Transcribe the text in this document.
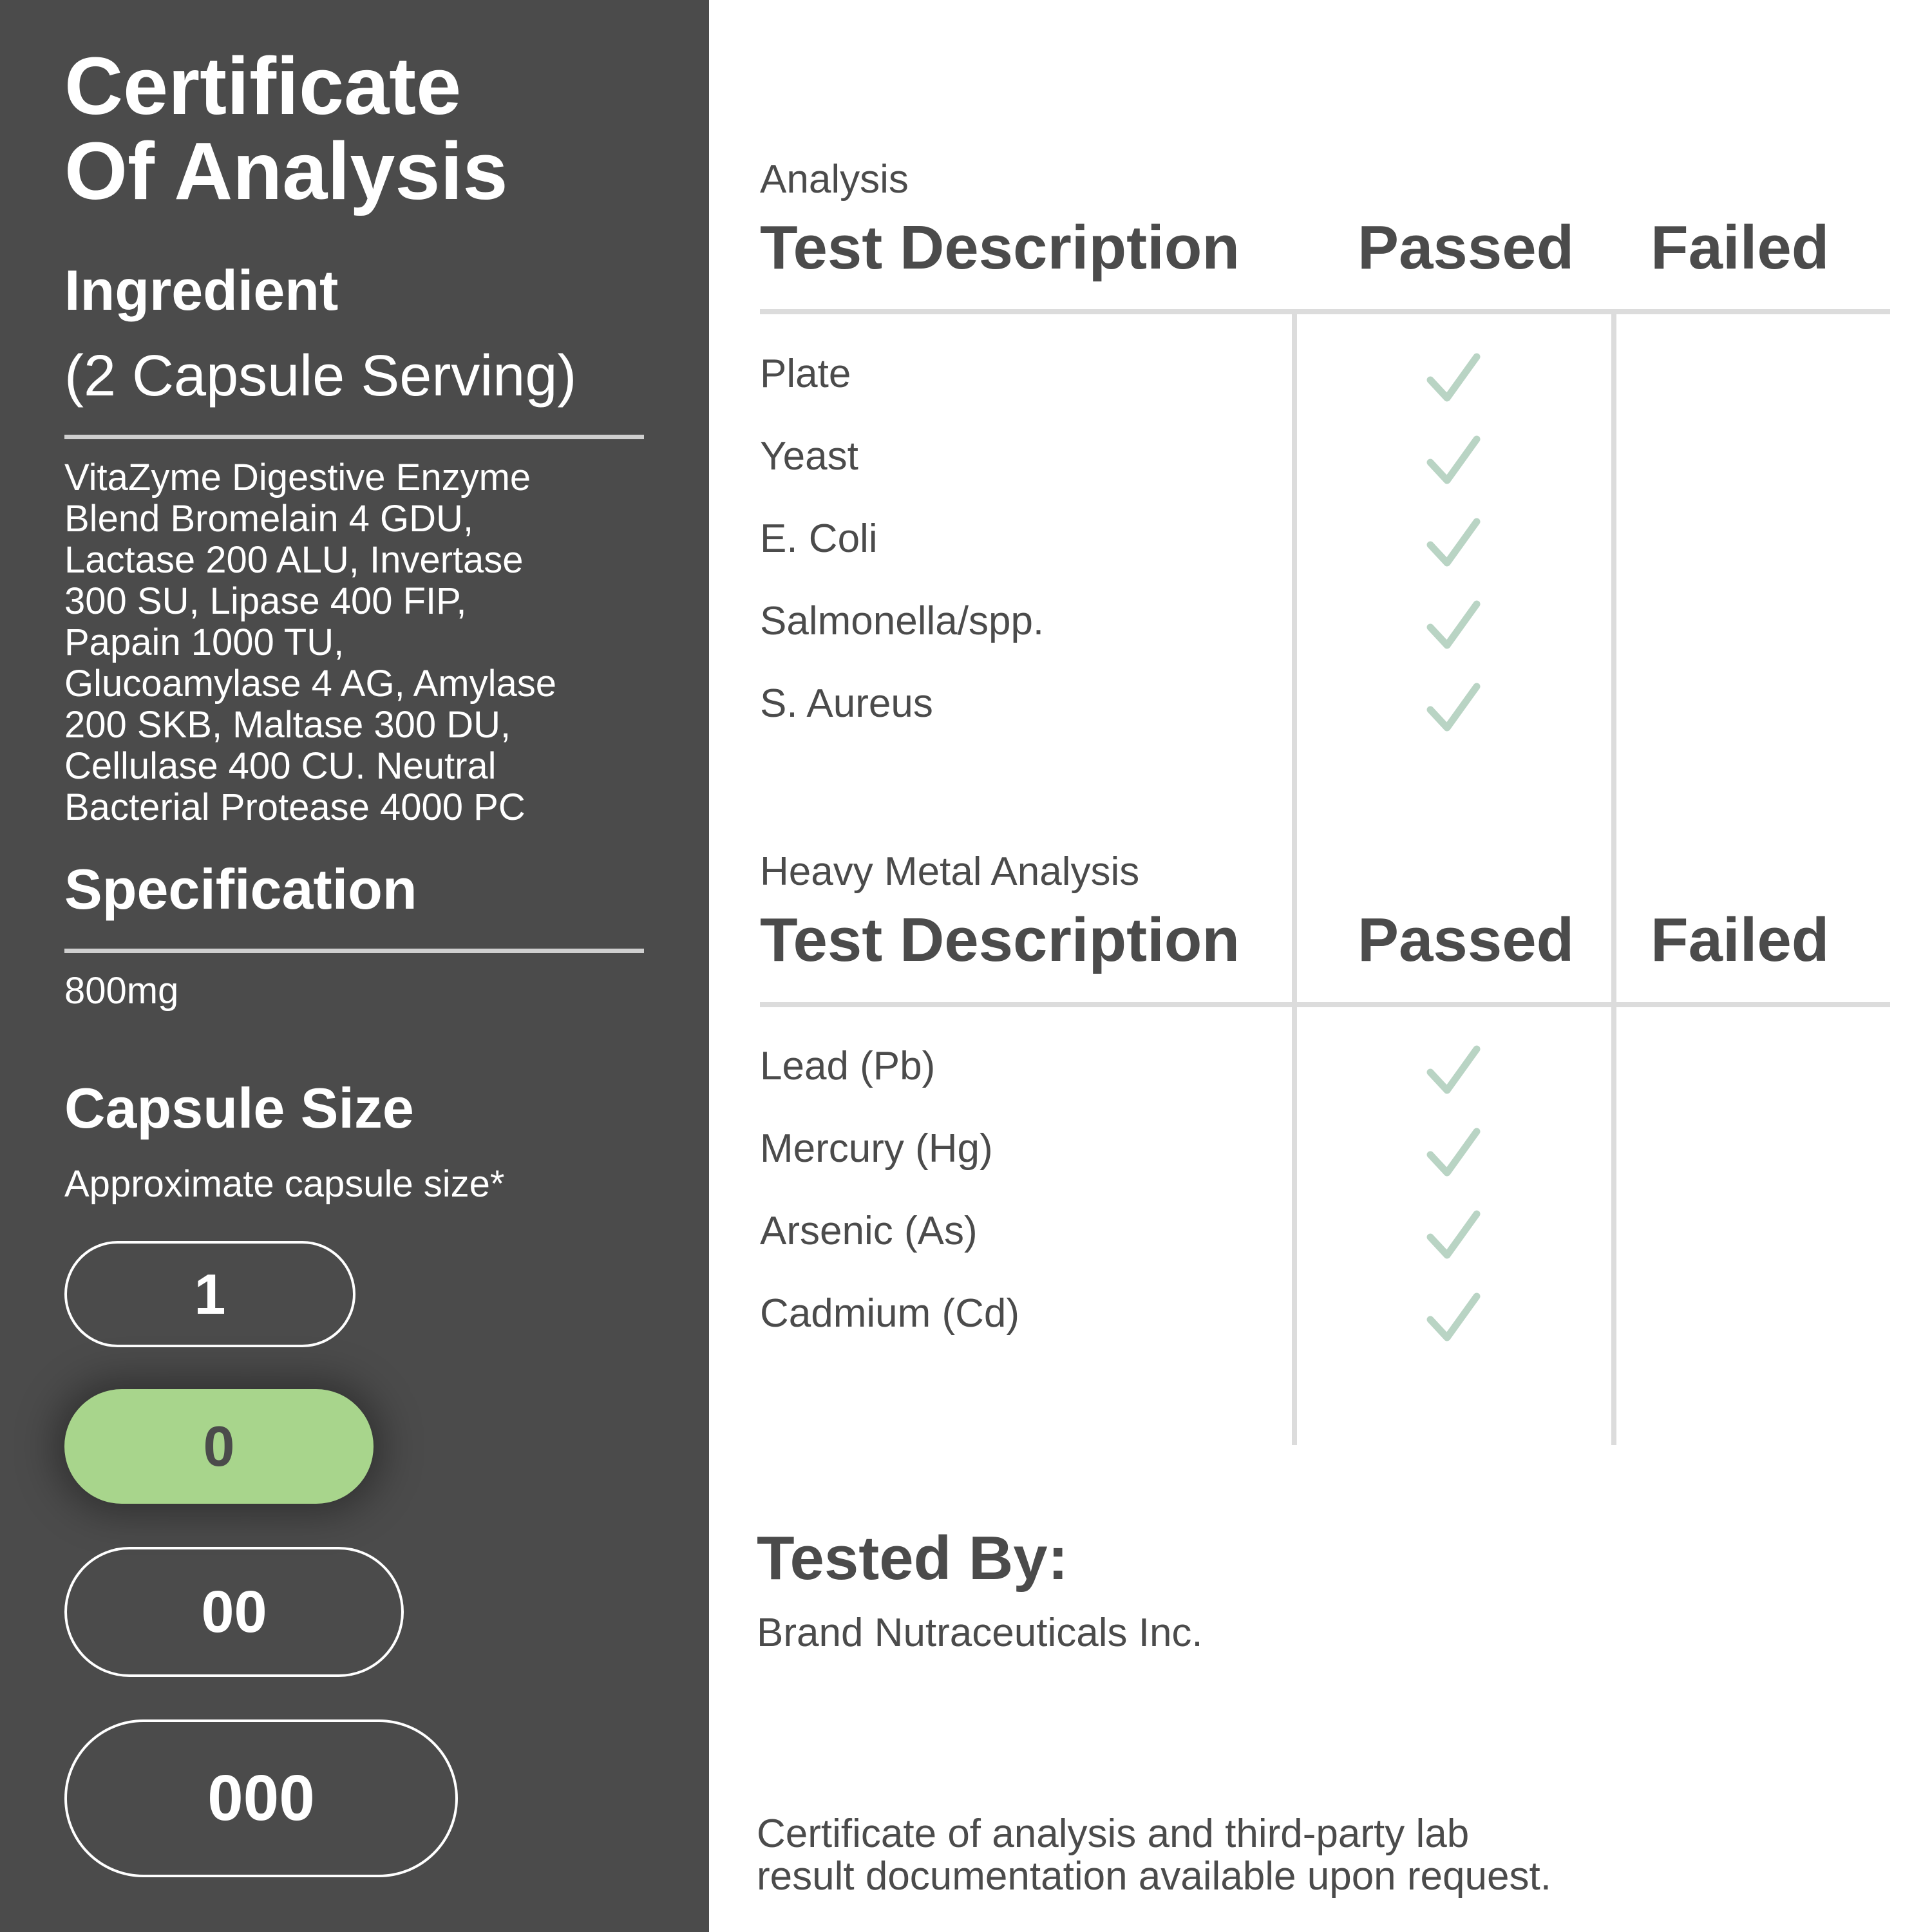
Certificate
Of Analysis
Ingredient
(2 Capsule Serving)
VitaZyme Digestive Enzyme
Blend Bromelain 4 GDU,
Lactase 200 ALU, Invertase
300 SU, Lipase 400 FIP,
Papain 1000 TU,
Glucoamylase 4 AG, Amylase
200 SKB, Maltase 300 DU,
Cellulase 400 CU. Neutral
Bacterial Protease 4000 PC
Specification
800mg
Capsule Size
Approximate capsule size*
1
0
00
000
Analysis
Test Description Passed Failed
Plate
Yeast
E. Coli
Salmonella/spp.
S. Aureus
Heavy Metal Analysis
Test Description Passed Failed
Lead (Pb)
Mercury (Hg)
Arsenic (As)
Cadmium (Cd)
Tested By:
Brand Nutraceuticals Inc.
Certificate of analysis and third-party lab
result documentation available upon request.
